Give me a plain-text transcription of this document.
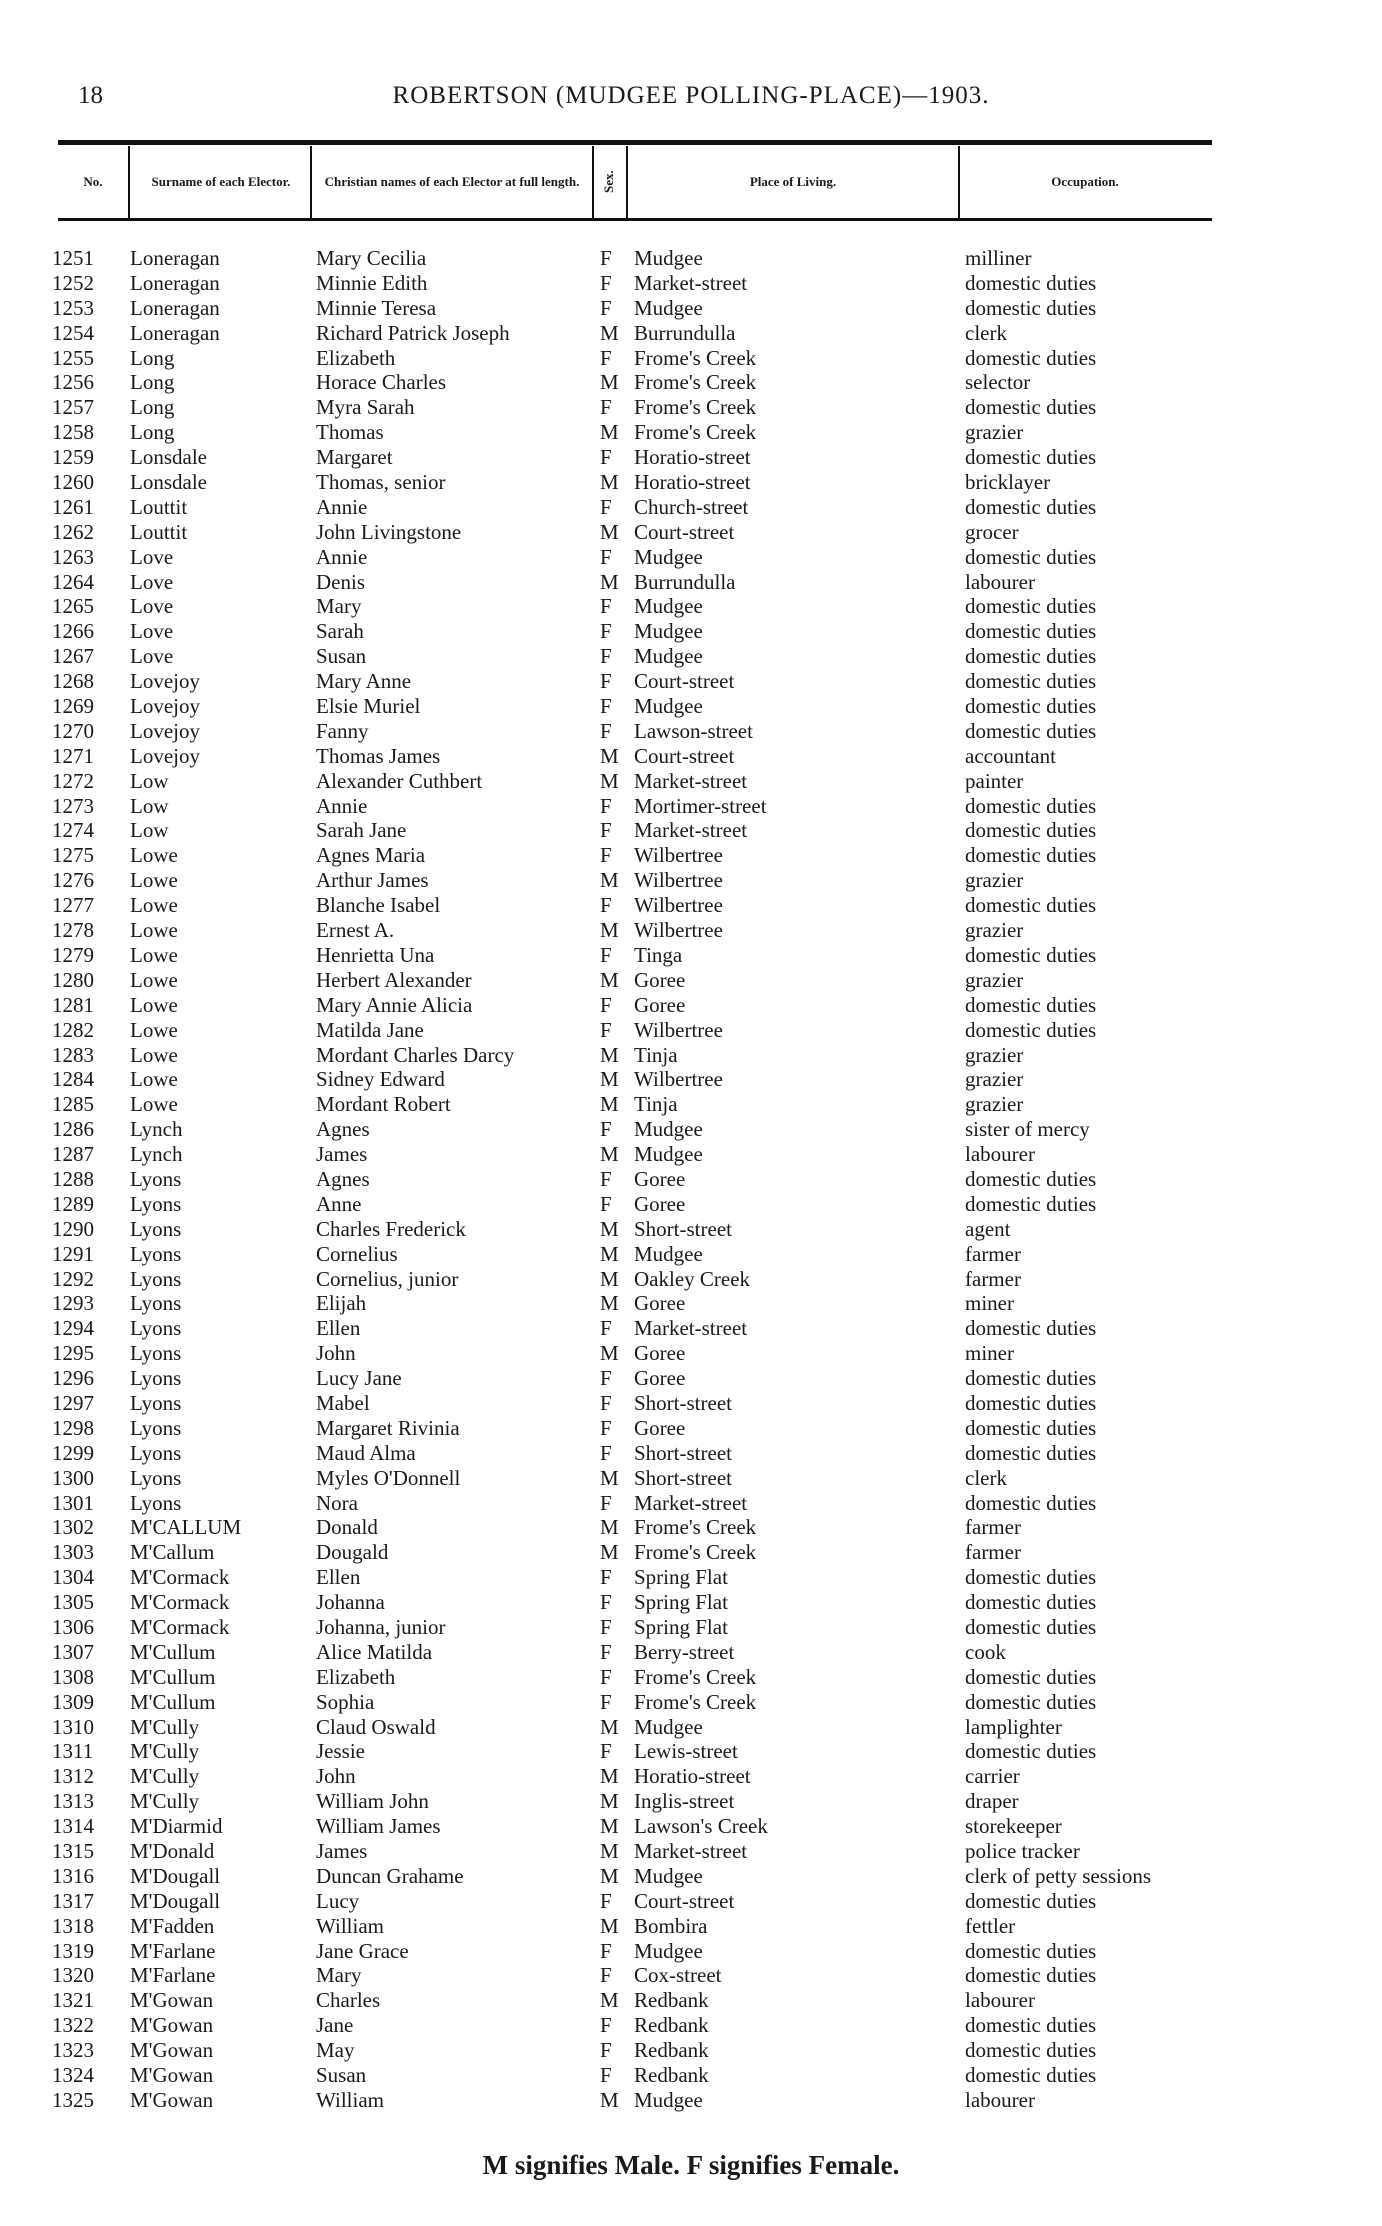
18	ROBERTSON (MUDGEE POLLING-PLACE)—1903.
No.	Surname of each Elector.	Christian names of each Elector at full length.	Sex.	Place of Living.	Occupation.
1251 Loneragan	Mary Cecilia	F Mudgee	milliner
1252 Loneragan	Minnie Edith	F Market-street	domestic duties
1253 Loneragan	Minnie Teresa	F Mudgee	domestic duties
1254 Loneragan	Richard Patrick Joseph	M Burrundulla	clerk
1255 Long	Elizabeth	F Frome's Creek	domestic duties
1256 Long	Horace Charles	M Frome's Creek	selector
1257 Long	Myra Sarah	F Frome's Creek	domestic duties
1258 Long	Thomas	M Frome's Creek	grazier
1259 Lonsdale	Margaret	F Horatio-street	domestic duties
1260 Lonsdale	Thomas, senior	M Horatio-street	bricklayer
1261 Louttit	Annie	F Church-street	domestic duties
1262 Louttit	John Livingstone	M Court-street	grocer
1263 Love	Annie	F Mudgee	domestic duties
1264 Love	Denis	M Burrundulla	labourer
1265 Love	Mary	F Mudgee	domestic duties
1266 Love	Sarah	F Mudgee	domestic duties
1267 Love	Susan	F Mudgee	domestic duties
1268 Lovejoy	Mary Anne	F Court-street	domestic duties
1269 Lovejoy	Elsie Muriel	F Mudgee	domestic duties
1270 Lovejoy	Fanny	F Lawson-street	domestic duties
1271 Lovejoy	Thomas James	M Court-street	accountant
1272 Low	Alexander Cuthbert	M Market-street	painter
1273 Low	Annie	F Mortimer-street	domestic duties
1274 Low	Sarah Jane	F Market-street	domestic duties
1275 Lowe	Agnes Maria	F Wilbertree	domestic duties
1276 Lowe	Arthur James	M Wilbertree	grazier
1277 Lowe	Blanche Isabel	F Wilbertree	domestic duties
1278 Lowe	Ernest A.	M Wilbertree	grazier
1279 Lowe	Henrietta Una	F Tinga	domestic duties
1280 Lowe	Herbert Alexander	M Goree	grazier
1281 Lowe	Mary Annie Alicia	F Goree	domestic duties
1282 Lowe	Matilda Jane	F Wilbertree	domestic duties
1283 Lowe	Mordant Charles Darcy	M Tinja	grazier
1284 Lowe	Sidney Edward	M Wilbertree	grazier
1285 Lowe	Mordant Robert	M Tinja	grazier
1286 Lynch	Agnes	F Mudgee	sister of mercy
1287 Lynch	James	M Mudgee	labourer
1288 Lyons	Agnes	F Goree	domestic duties
1289 Lyons	Anne	F Goree	domestic duties
1290 Lyons	Charles Frederick	M Short-street	agent
1291 Lyons	Cornelius	M Mudgee	farmer
1292 Lyons	Cornelius, junior	M Oakley Creek	farmer
1293 Lyons	Elijah	M Goree	miner
1294 Lyons	Ellen	F Market-street	domestic duties
1295 Lyons	John	M Goree	miner
1296 Lyons	Lucy Jane	F Goree	domestic duties
1297 Lyons	Mabel	F Short-street	domestic duties
1298 Lyons	Margaret Rivinia	F Goree	domestic duties
1299 Lyons	Maud Alma	F Short-street	domestic duties
1300 Lyons	Myles O'Donnell	M Short-street	clerk
1301 Lyons	Nora	F Market-street	domestic duties
1302 M'CALLUM	Donald	M Frome's Creek	farmer
1303 M'Callum	Dougald	M Frome's Creek	farmer
1304 M'Cormack	Ellen	F Spring Flat	domestic duties
1305 M'Cormack	Johanna	F Spring Flat	domestic duties
1306 M'Cormack	Johanna, junior	F Spring Flat	domestic duties
1307 M'Cullum	Alice Matilda	F Berry-street	cook
1308 M'Cullum	Elizabeth	F Frome's Creek	domestic duties
1309 M'Cullum	Sophia	F Frome's Creek	domestic duties
1310 M'Cully	Claud Oswald	M Mudgee	lamplighter
1311 M'Cully	Jessie	F Lewis-street	domestic duties
1312 M'Cully	John	M Horatio-street	carrier
1313 M'Cully	William John	M Inglis-street	draper
1314 M'Diarmid	William James	M Lawson's Creek	storekeeper
1315 M'Donald	James	M Market-street	police tracker
1316 M'Dougall	Duncan Grahame	M Mudgee	clerk of petty sessions
1317 M'Dougall	Lucy	F Court-street	domestic duties
1318 M'Fadden	William	M Bombira	fettler
1319 M'Farlane	Jane Grace	F Mudgee	domestic duties
1320 M'Farlane	Mary	F Cox-street	domestic duties
1321 M'Gowan	Charles	M Redbank	labourer
1322 M'Gowan	Jane	F Redbank	domestic duties
1323 M'Gowan	May	F Redbank	domestic duties
1324 M'Gowan	Susan	F Redbank	domestic duties
1325 M'Gowan	William	M Mudgee	labourer
M signifies Male. F signifies Female.
